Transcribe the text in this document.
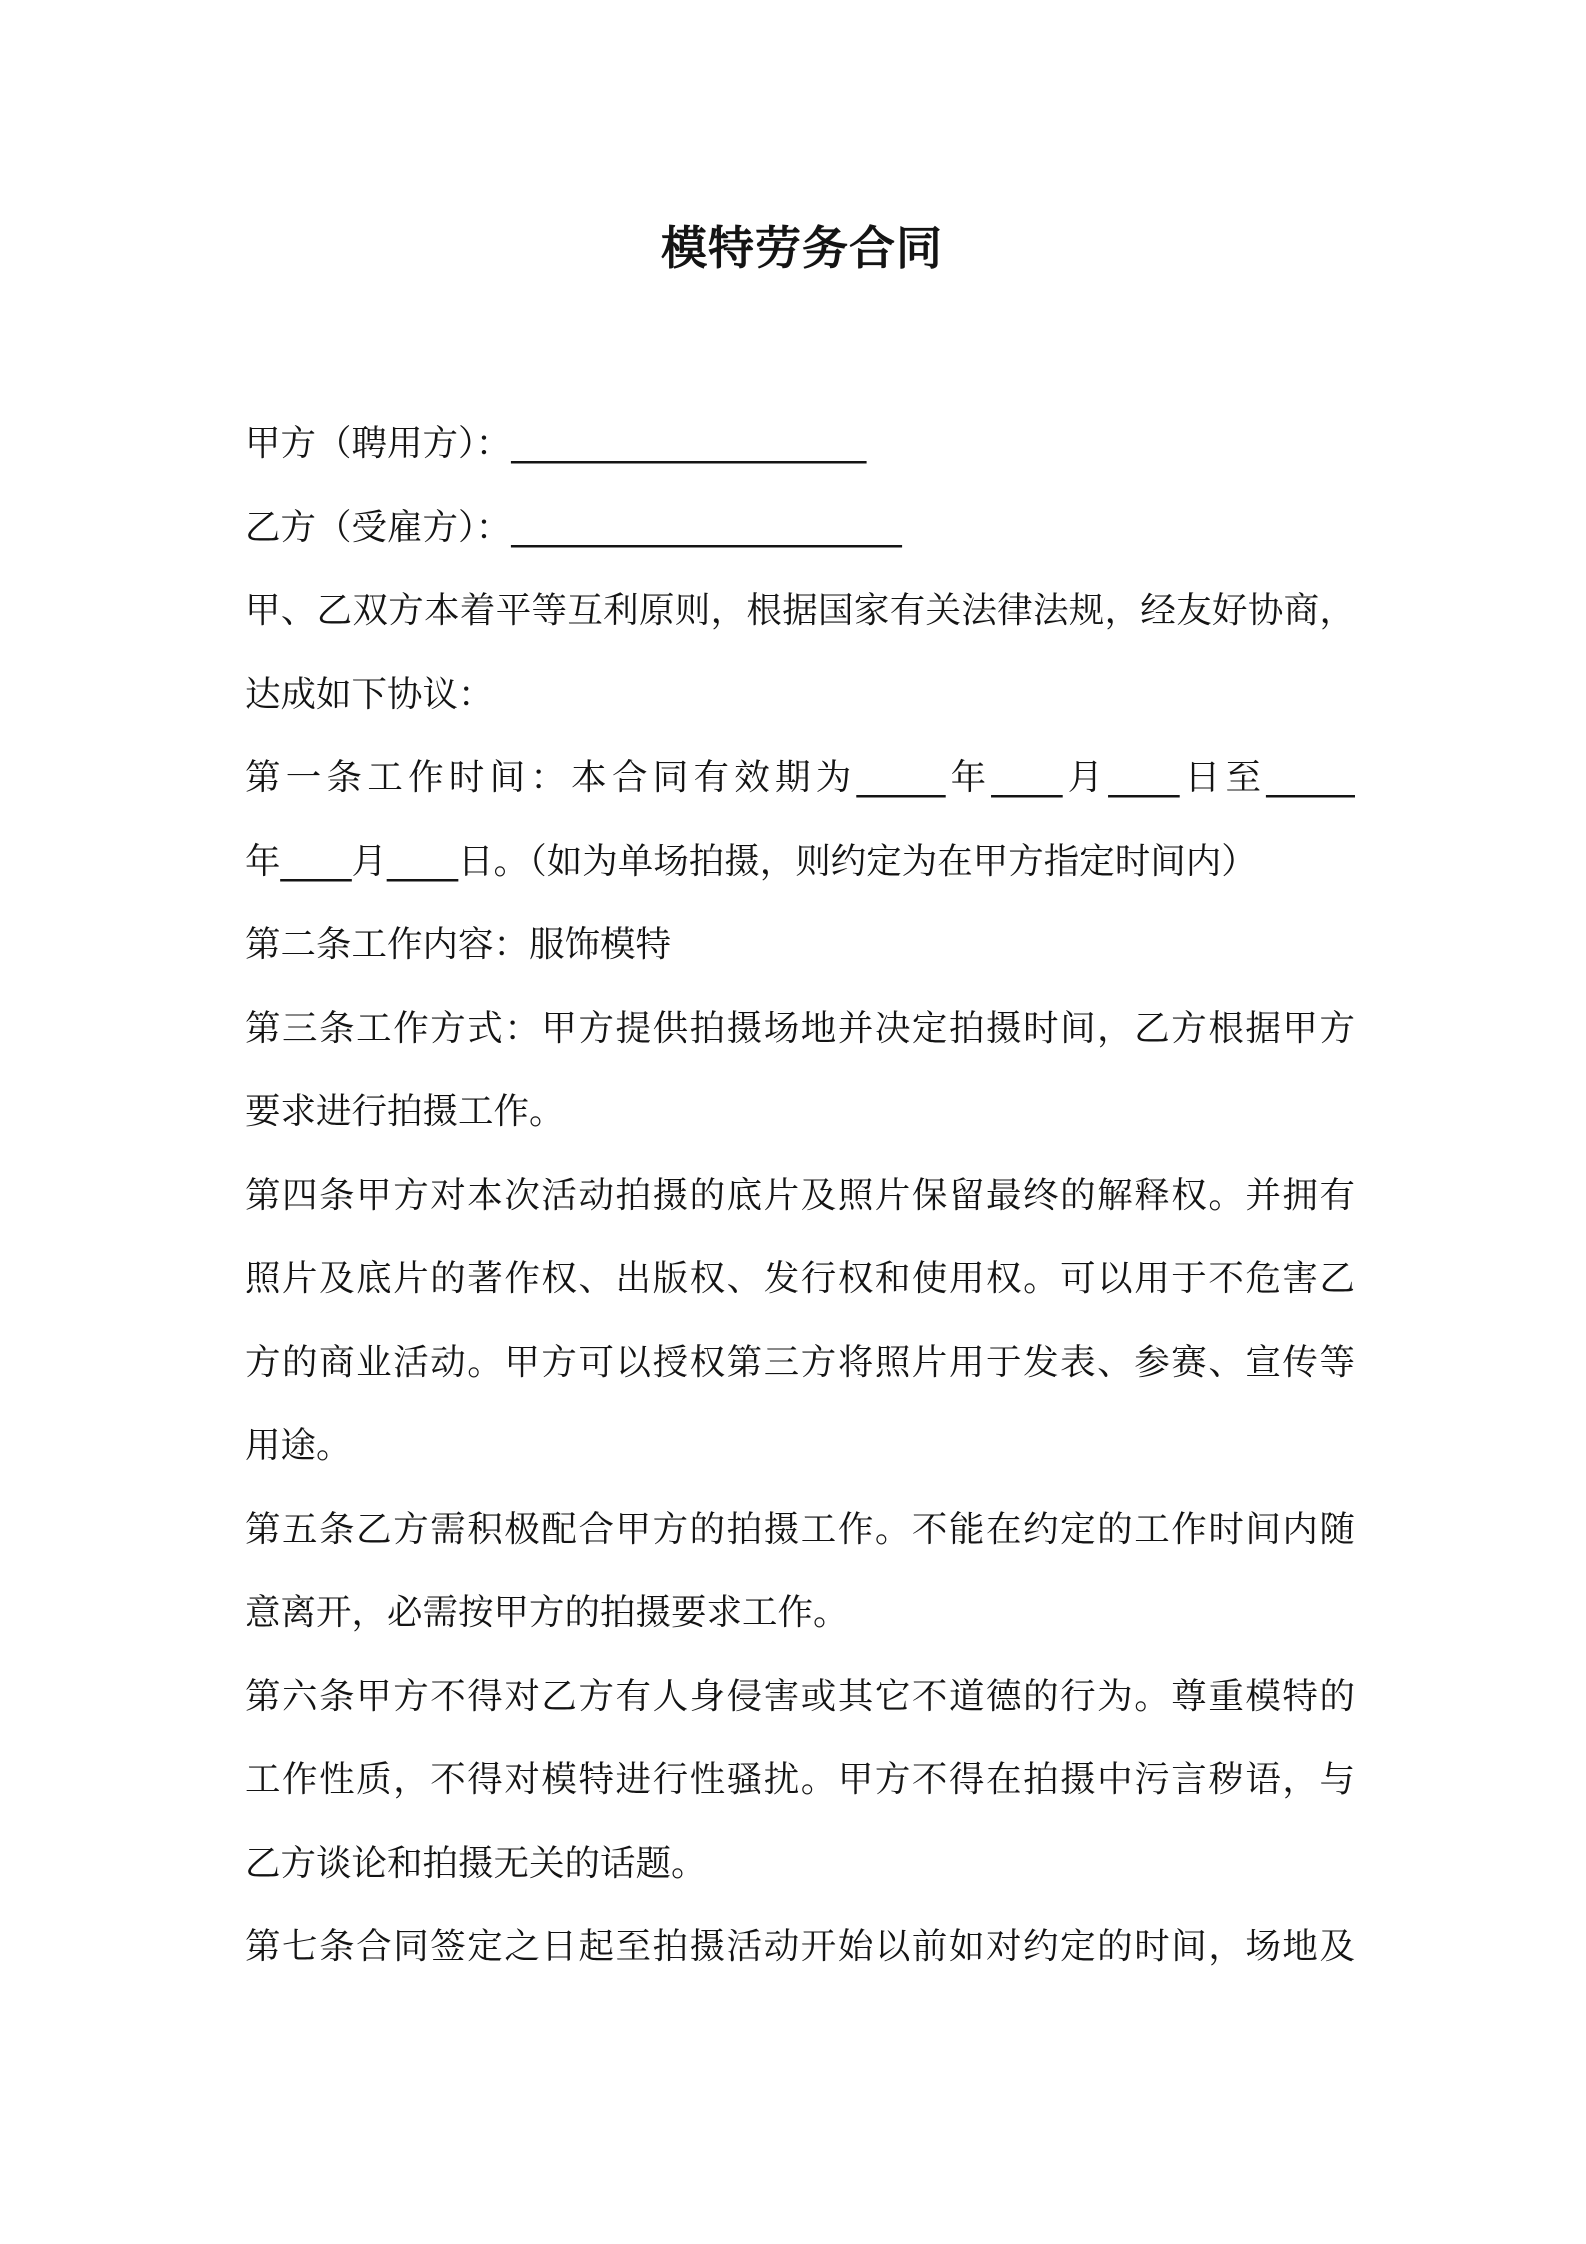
模特劳务合同
甲方（聘用方）：____________________
乙方（受雇方）：______________________
甲、乙双方本着平等互利原则，根据国家有关法律法规，经友好协商，
达成如下协议：
第一条工作时间：本合同有效期为_____年____月____日至_____
年____月____日。（如为单场拍摄，则约定为在甲方指定时间内）
第二条工作内容：服饰模特
第三条工作方式：甲方提供拍摄场地并决定拍摄时间，乙方根据甲方
要求进行拍摄工作。
第四条甲方对本次活动拍摄的底片及照片保留最终的解释权。并拥有
照片及底片的著作权、出版权、发行权和使用权。可以用于不危害乙
方的商业活动。甲方可以授权第三方将照片用于发表、参赛、宣传等
用途。
第五条乙方需积极配合甲方的拍摄工作。不能在约定的工作时间内随
意离开，必需按甲方的拍摄要求工作。
第六条甲方不得对乙方有人身侵害或其它不道德的行为。尊重模特的
工作性质，不得对模特进行性骚扰。甲方不得在拍摄中污言秽语，与
乙方谈论和拍摄无关的话题。
第七条合同签定之日起至拍摄活动开始以前如对约定的时间，场地及
